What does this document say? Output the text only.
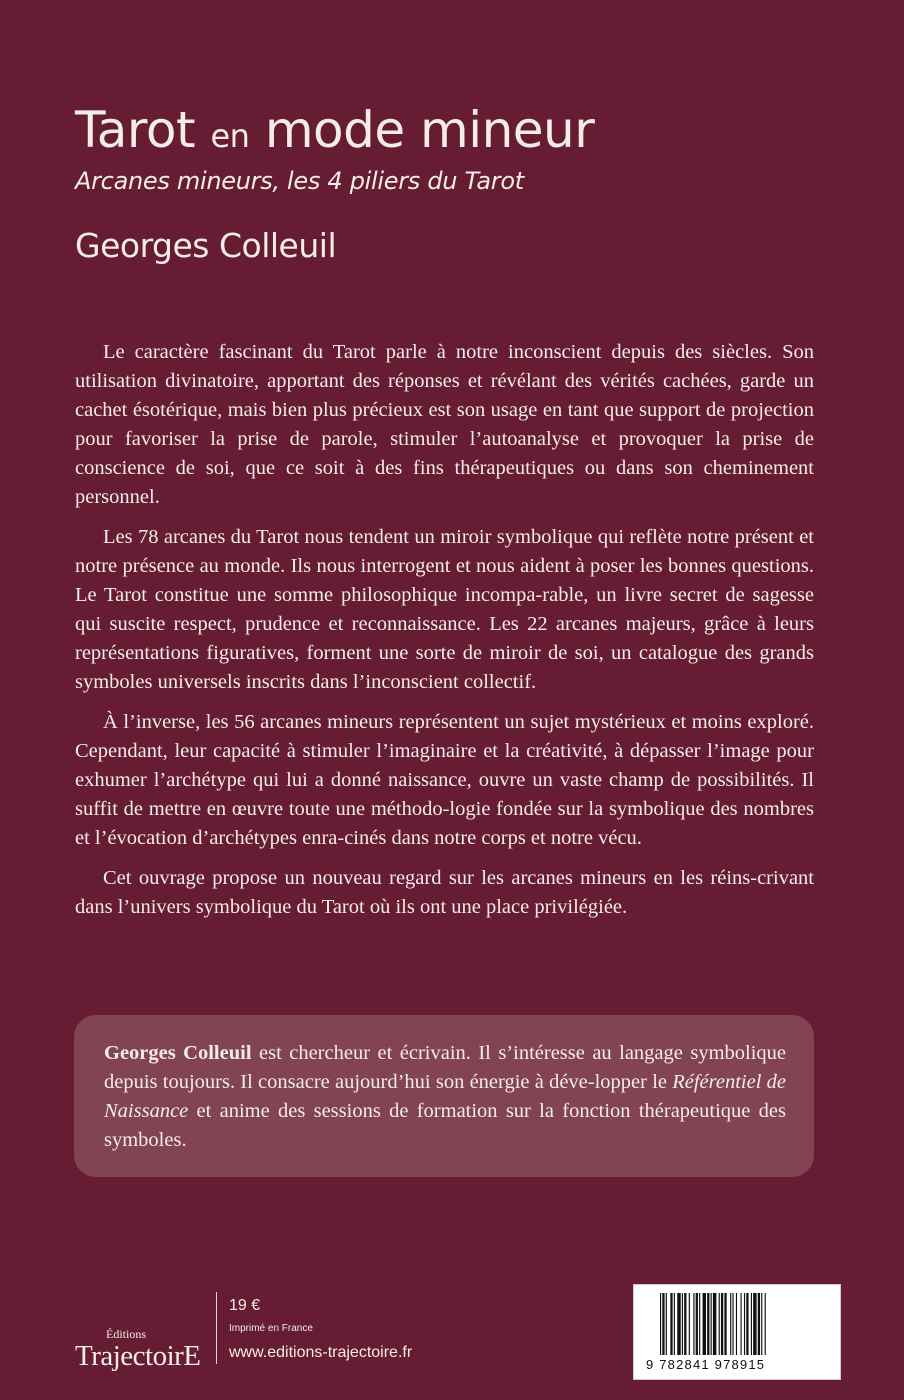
Tarot en mode mineur
Arcanes mineurs, les 4 piliers du Tarot
Georges Colleuil

Le caractère fascinant du Tarot parle à notre inconscient depuis des siècles. Son utilisation divinatoire, apportant des réponses et révélant des vérités cachées, garde un cachet ésotérique, mais bien plus précieux est son usage en tant que support de projection pour favoriser la prise de parole, stimuler l’autoanalyse et provoquer la prise de conscience de soi, que ce soit à des fins thérapeutiques ou dans son cheminement personnel.

Les 78 arcanes du Tarot nous tendent un miroir symbolique qui reflète notre présent et notre présence au monde. Ils nous interrogent et nous aident à poser les bonnes questions. Le Tarot constitue une somme philosophique incompa-rable, un livre secret de sagesse qui suscite respect, prudence et reconnaissance. Les 22 arcanes majeurs, grâce à leurs représentations figuratives, forment une sorte de miroir de soi, un catalogue des grands symboles universels inscrits dans l’inconscient collectif.

À l’inverse, les 56 arcanes mineurs représentent un sujet mystérieux et moins exploré. Cependant, leur capacité à stimuler l’imaginaire et la créativité, à dépasser l’image pour exhumer l’archétype qui lui a donné naissance, ouvre un vaste champ de possibilités. Il suffit de mettre en œuvre toute une méthodo-logie fondée sur la symbolique des nombres et l’évocation d’archétypes enra-cinés dans notre corps et notre vécu.

Cet ouvrage propose un nouveau regard sur les arcanes mineurs en les réins-crivant dans l’univers symbolique du Tarot où ils ont une place privilégiée.

Georges Colleuil est chercheur et écrivain. Il s’intéresse au langage symbolique depuis toujours. Il consacre aujourd’hui son énergie à déve-lopper le Référentiel de Naissance et anime des sessions de formation sur la fonction thérapeutique des symboles.
Éditions
TrajectoirE
19 €
Imprimé en France
www.editions-trajectoire.fr
9 782841 978915
